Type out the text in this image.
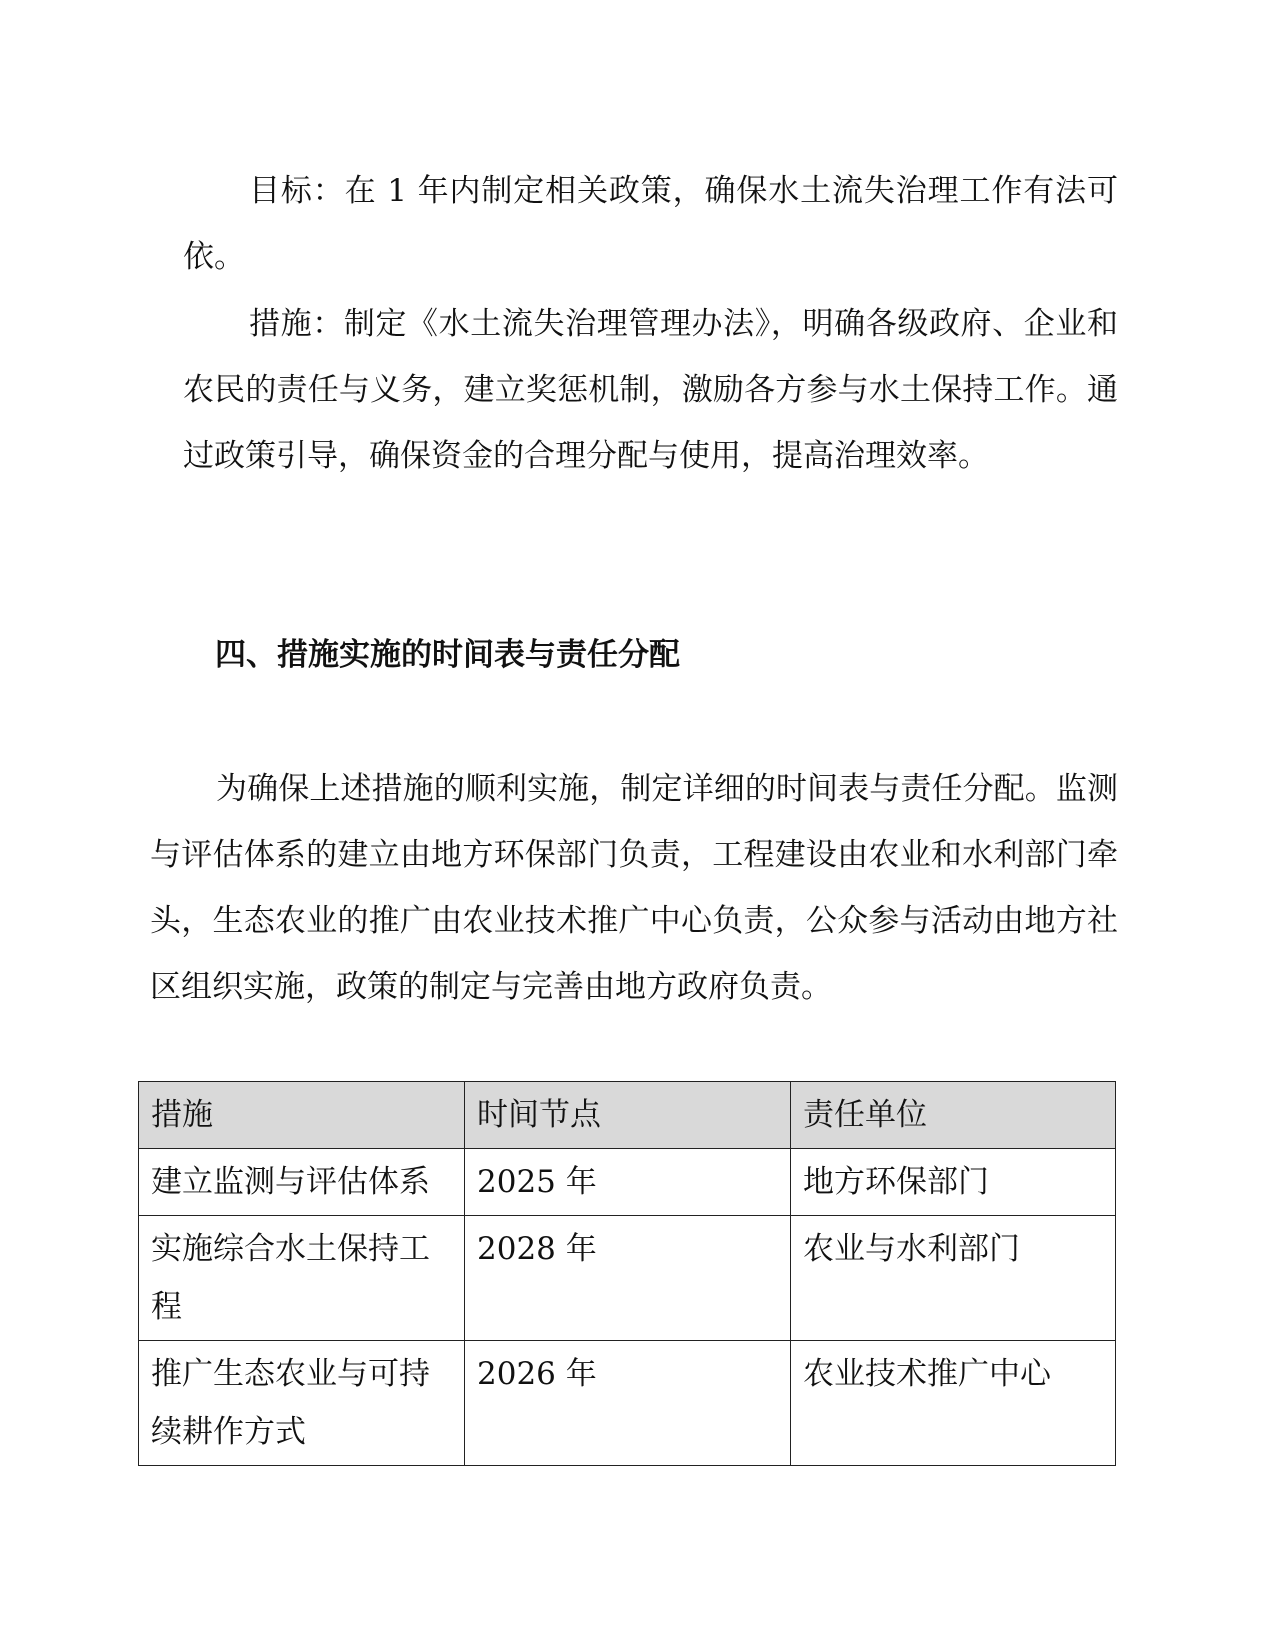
目标：在 1 年内制定相关政策，确保水土流失治理工作有法可依。

措施：制定《水土流失治理管理办法》，明确各级政府、企业和农民的责任与义务，建立奖惩机制，激励各方参与水土保持工作。通过政策引导，确保资金的合理分配与使用，提高治理效率。

四、措施实施的时间表与责任分配

为确保上述措施的顺利实施，制定详细的时间表与责任分配。监测与评估体系的建立由地方环保部门负责，工程建设由农业和水利部门牵头，生态农业的推广由农业技术推广中心负责，公众参与活动由地方社区组织实施，政策的制定与完善由地方政府负责。

措施	时间节点	责任单位
建立监测与评估体系	2025 年	地方环保部门
实施综合水土保持工程	2028 年	农业与水利部门
推广生态农业与可持续耕作方式	2026 年	农业技术推广中心
